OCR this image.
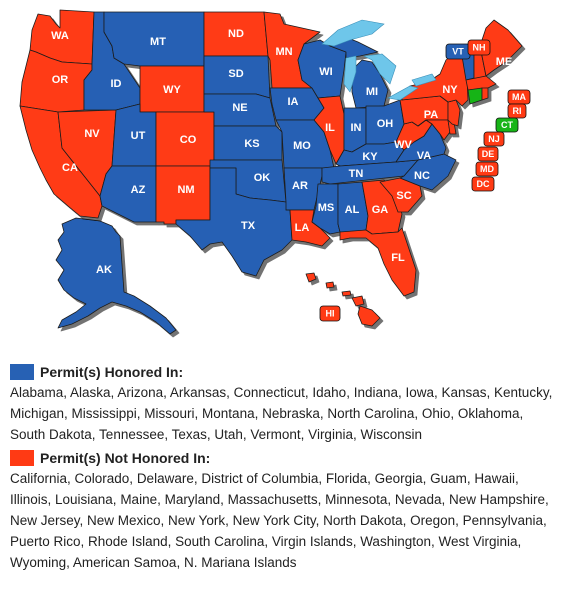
WA
OR
CA
NV
ID
MT
WY
UT	CO
AZ	NM
ND
SD
NE
KS
OK
TX
MN
IA
MO
AR
LA
WI
IL
MI
IN OH
KY
TN
MS AL GA
FL
SC
NC
VA
WV
PA
NY
ME
AK
VT NH
MA
RI
CT
NJ
DE
MD
DC
HI
Permit(s) Honored In:
Alabama, Alaska, Arizona, Arkansas, Connecticut, Idaho, Indiana, Iowa, Kansas, Kentucky, Michigan, Mississippi, Missouri, Montana, Nebraska, North Carolina, Ohio, Oklahoma, South Dakota, Tennessee, Texas, Utah, Vermont, Virginia, Wisconsin
Permit(s) Not Honored In:
California, Colorado, Delaware, District of Columbia, Florida, Georgia, Guam, Hawaii, Illinois, Louisiana, Maine, Maryland, Massachusetts, Minnesota, Nevada, New Hampshire, New Jersey, New Mexico, New York, New York City, North Dakota, Oregon, Pennsylvania, Puerto Rico, Rhode Island, South Carolina, Virgin Islands, Washington, West Virginia, Wyoming, American Samoa, N. Mariana Islands
